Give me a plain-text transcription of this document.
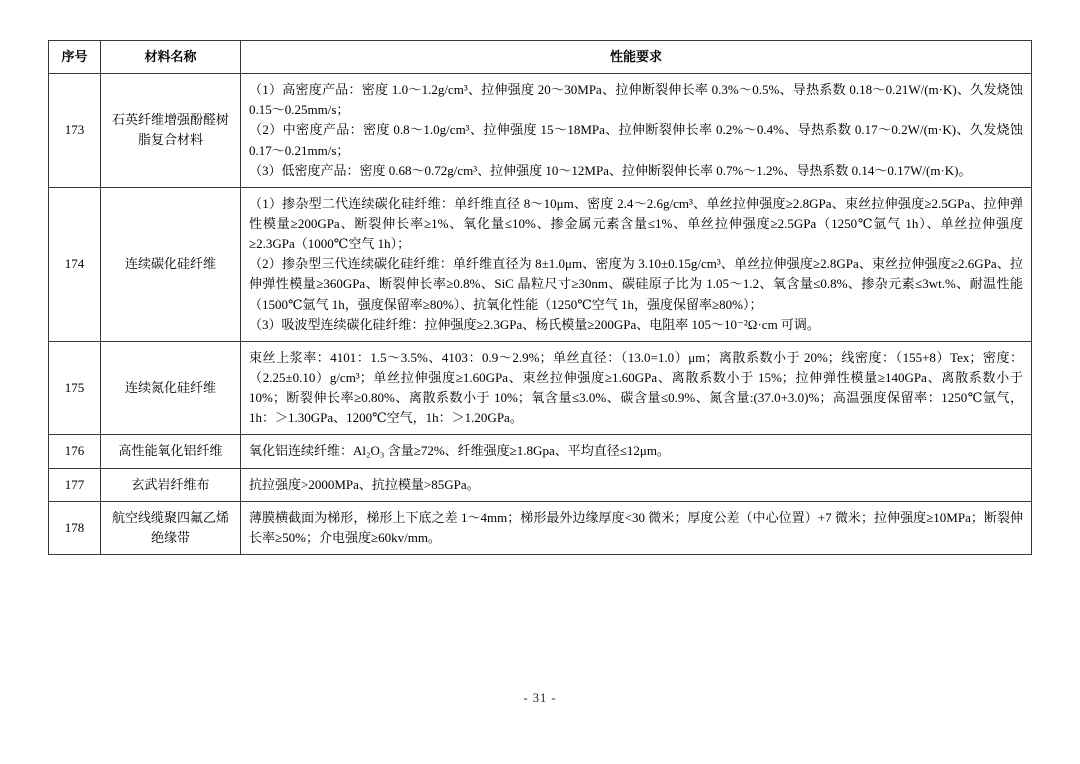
序号	材料名称	性能要求
173	石英纤维增强酚醛树脂复合材料	（1）高密度产品：密度 1.0～1.2g/cm³、拉伸强度 20～30MPa、拉伸断裂伸长率 0.3%～0.5%、导热系数 0.18～0.21W/(m·K)、久发烧蚀 0.15～0.25mm/s；

（2）中密度产品：密度 0.8～1.0g/cm³、拉伸强度 15～18MPa、拉伸断裂伸长率 0.2%～0.4%、导热系数 0.17～0.2W/(m·K)、久发烧蚀 0.17～0.21mm/s；

（3）低密度产品：密度 0.68～0.72g/cm³、拉伸强度 10～12MPa、拉伸断裂伸长率 0.7%～1.2%、导热系数 0.14～0.17W/(m·K)。

174	连续碳化硅纤维	（1）掺杂型二代连续碳化硅纤维：单纤维直径 8～10μm、密度 2.4～2.6g/cm³、单丝拉伸强度≥2.8GPa、束丝拉伸强度≥2.5GPa、拉伸弹性模量≥200GPa、断裂伸长率≥1%、氧化量≤10%、掺金属元素含量≤1%、单丝拉伸强度≥2.5GPa（1250℃氩气 1h）、单丝拉伸强度≥2.3GPa（1000℃空气 1h）；

（2）掺杂型三代连续碳化硅纤维：单纤维直径为 8±1.0μm、密度为 3.10±0.15g/cm³、单丝拉伸强度≥2.8GPa、束丝拉伸强度≥2.6GPa、拉伸弹性模量≥360GPa、断裂伸长率≥0.8%、SiC 晶粒尺寸≥30nm、碳硅原子比为 1.05～1.2、氧含量≤0.8%、掺杂元素≤3wt.%、耐温性能（1500℃氩气 1h，强度保留率≥80%）、抗氧化性能（1250℃空气 1h，强度保留率≥80%）；

（3）吸波型连续碳化硅纤维：拉伸强度≥2.3GPa、杨氏模量≥200GPa、电阻率 105～10⁻²Ω·cm 可调。

175	连续氮化硅纤维	束丝上浆率：4101：1.5～3.5%、4103：0.9～2.9%；单丝直径：（13.0=1.0）μm；离散系数小于 20%；线密度：（155+8）Tex；密度：（2.25±0.10）g/cm³；单丝拉伸强度≥1.60GPa、束丝拉伸强度≥1.60GPa、离散系数小于 15%；拉伸弹性模量≥140GPa、离散系数小于 10%；断裂伸长率≥0.80%、离散系数小于 10%；氧含量≤3.0%、碳含量≤0.9%、氮含量:(37.0+3.0)%；高温强度保留率：1250℃氩气，1h：＞1.30GPa、1200℃空气，1h：＞1.20GPa。

176	高性能氧化铝纤维	氧化铝连续纤维：Al₂O₃ 含量≥72%、纤维强度≥1.8Gpa、平均直径≤12μm。

177	玄武岩纤维布	抗拉强度>2000MPa、抗拉模量>85GPa。

178	航空线缆聚四氟乙烯绝缘带	薄膜横截面为梯形，梯形上下底之差 1～4mm；梯形最外边缘厚度<30 微米；厚度公差（中心位置）+7 微米；拉伸强度≥10MPa；断裂伸长率≥50%；介电强度≥60kv/mm。

- 31 -
